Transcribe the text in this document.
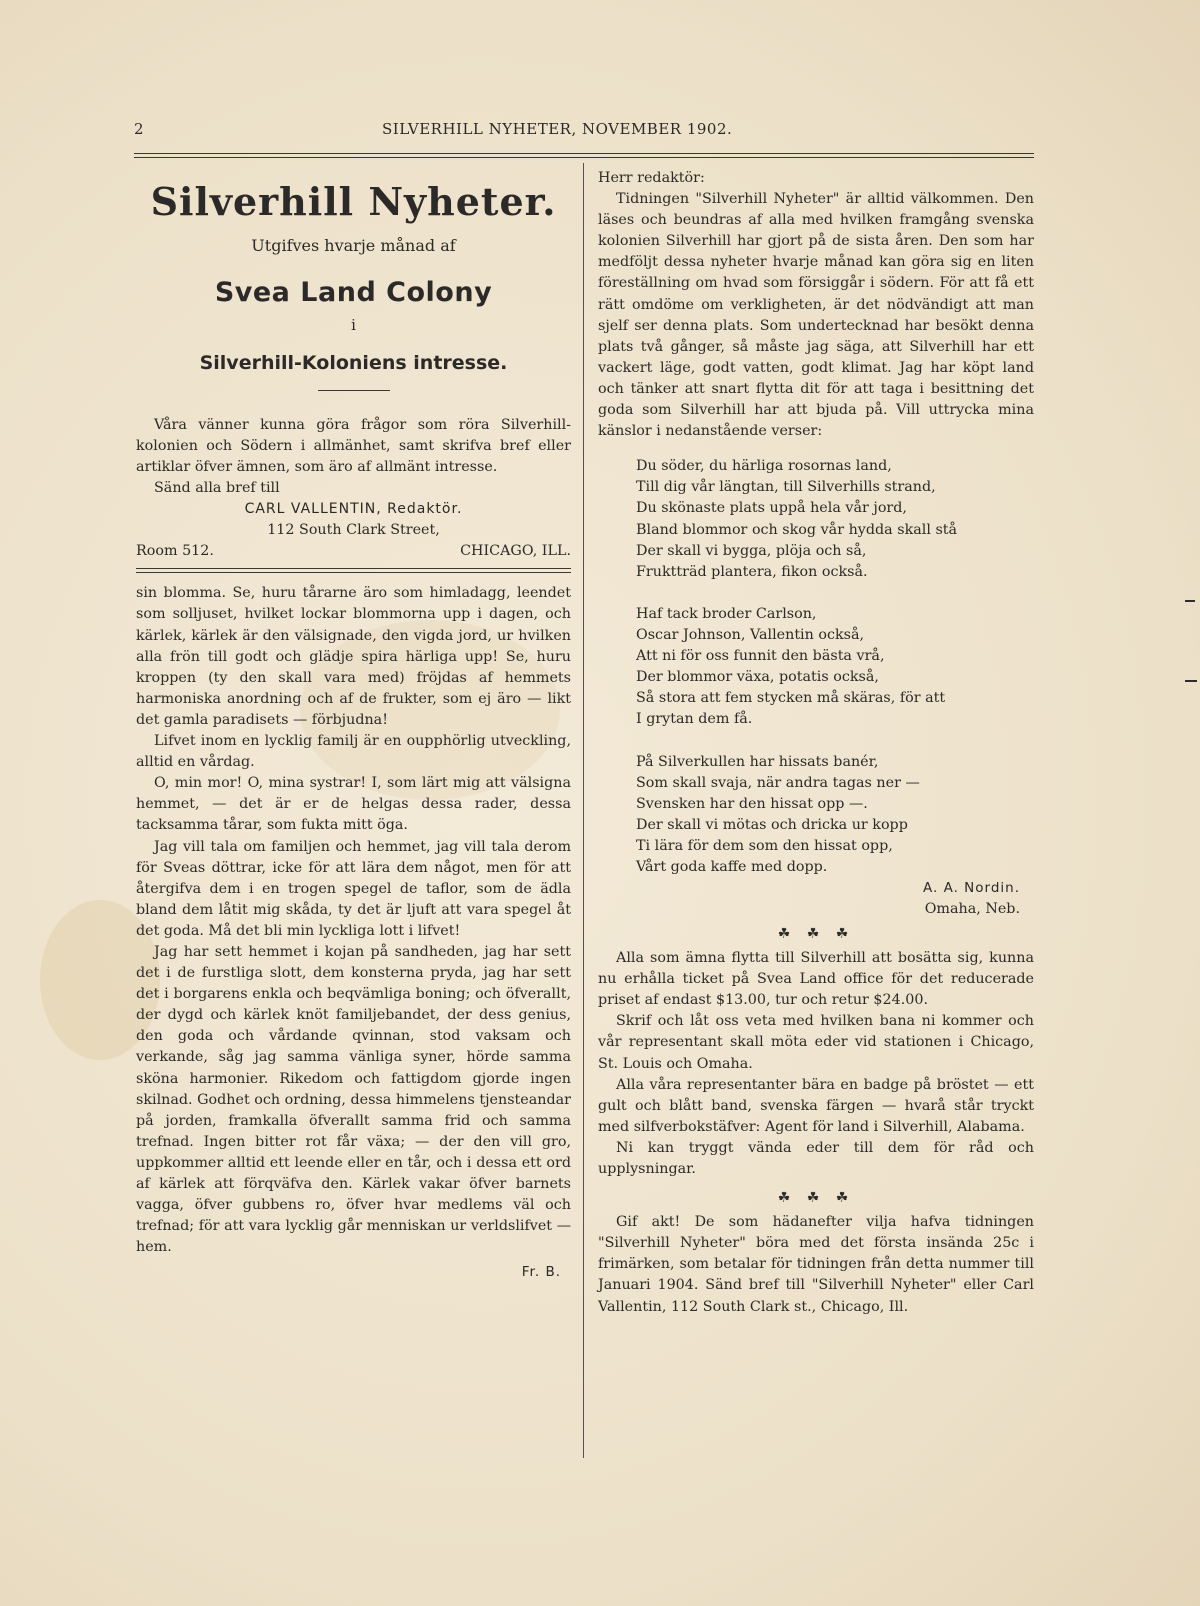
2	SILVERHILL NYHETER, NOVEMBER 1902.
Silverhill Nyheter.
Utgifves hvarje månad af
Svea Land Colony
i
Silverhill-Koloniens intresse.

Våra vänner kunna göra frågor som röra Silverhill-kolonien och Södern i allmänhet, samt skrifva bref eller artiklar öfver ämnen, som äro af allmänt intresse.

Sänd alla bref till

CARL VALLENTIN, Redaktör.
112 South Clark Street,
Room 512.	CHICAGO, ILL.

sin blomma. Se, huru tårarne äro som himladagg, leendet som solljuset, hvilket lockar blommorna upp i dagen, och kärlek, kärlek är den välsignade, den vigda jord, ur hvilken alla frön till godt och glädje spira härliga upp! Se, huru kroppen (ty den skall vara med) fröjdas af hemmets harmoniska anordning och af de frukter, som ej äro — likt det gamla paradisets — förbjudna!

Lifvet inom en lycklig familj är en oupphörlig utveckling, alltid en vårdag.

O, min mor! O, mina systrar! I, som lärt mig att välsigna hemmet, — det är er de helgas dessa rader, dessa tacksamma tårar, som fukta mitt öga.

Jag vill tala om familjen och hemmet, jag vill tala derom för Sveas döttrar, icke för att lära dem något, men för att återgifva dem i en trogen spegel de taflor, som de ädla bland dem låtit mig skåda, ty det är ljuft att vara spegel åt det goda. Må det bli min lyckliga lott i lifvet!

Jag har sett hemmet i kojan på sandheden, jag har sett det i de furstliga slott, dem konsterna pryda, jag har sett det i borgarens enkla och beqvämliga boning; och öfverallt, der dygd och kärlek knöt familjebandet, der dess genius, den goda och vårdande qvinnan, stod vaksam och verkande, såg jag samma vänliga syner, hörde samma sköna harmonier. Rikedom och fattigdom gjorde ingen skilnad. Godhet och ordning, dessa himmelens tjensteandar på jorden, framkalla öfverallt samma frid och samma trefnad. Ingen bitter rot får växa; — der den vill gro, uppkommer alltid ett leende eller en tår, och i dessa ett ord af kärlek att förqväfva den. Kärlek vakar öfver barnets vagga, öfver gubbens ro, öfver hvar medlems väl och trefnad; för att vara lycklig går menniskan ur verldslifvet — hem.

Fr. B.

Herr redaktör:

Tidningen "Silverhill Nyheter" är alltid välkommen. Den läses och beundras af alla med hvilken framgång svenska kolonien Silverhill har gjort på de sista åren. Den som har medföljt dessa nyheter hvarje månad kan göra sig en liten föreställning om hvad som försiggår i södern. För att få ett rätt omdöme om verkligheten, är det nödvändigt att man sjelf ser denna plats. Som undertecknad har besökt denna plats två gånger, så måste jag säga, att Silverhill har ett vackert läge, godt vatten, godt klimat. Jag har köpt land och tänker att snart flytta dit för att taga i besittning det goda som Silverhill har att bjuda på. Vill uttrycka mina känslor i nedanstående verser:

Du söder, du härliga rosornas land,
Till dig vår längtan, till Silverhills strand,
Du skönaste plats uppå hela vår jord,
Bland blommor och skog vår hydda skall stå
Der skall vi bygga, plöja och så,
Fruktträd plantera, fikon också.
Haf tack broder Carlson,
Oscar Johnson, Vallentin också,
Att ni för oss funnit den bästa vrå,
Der blommor växa, potatis också,
Så stora att fem stycken må skäras, för att
I grytan dem få.
På Silverkullen har hissats banér,
Som skall svaja, när andra tagas ner —
Svensken har den hissat opp —.
Der skall vi mötas och dricka ur kopp
Ti lära för dem som den hissat opp,
Vårt goda kaffe med dopp.
A. A. Nordin.
Omaha, Neb.
☘ ☘ ☘

Alla som ämna flytta till Silverhill att bosätta sig, kunna nu erhålla ticket på Svea Land office för det reducerade priset af endast $13.00, tur och retur $24.00.

Skrif och låt oss veta med hvilken bana ni kommer och vår representant skall möta eder vid stationen i Chicago, St. Louis och Omaha.

Alla våra representanter bära en badge på bröstet — ett gult och blått band, svenska färgen — hvarå står tryckt med silfverbokstäfver: Agent för land i Silverhill, Alabama.

Ni kan tryggt vända eder till dem för råd och upplysningar.

☘ ☘ ☘

Gif akt! De som hädanefter vilja hafva tidningen "Silverhill Nyheter" böra med det första insända 25c i frimärken, som betalar för tidningen från detta nummer till Januari 1904. Sänd bref till "Silverhill Nyheter" eller Carl Vallentin, 112 South Clark st., Chicago, Ill.
